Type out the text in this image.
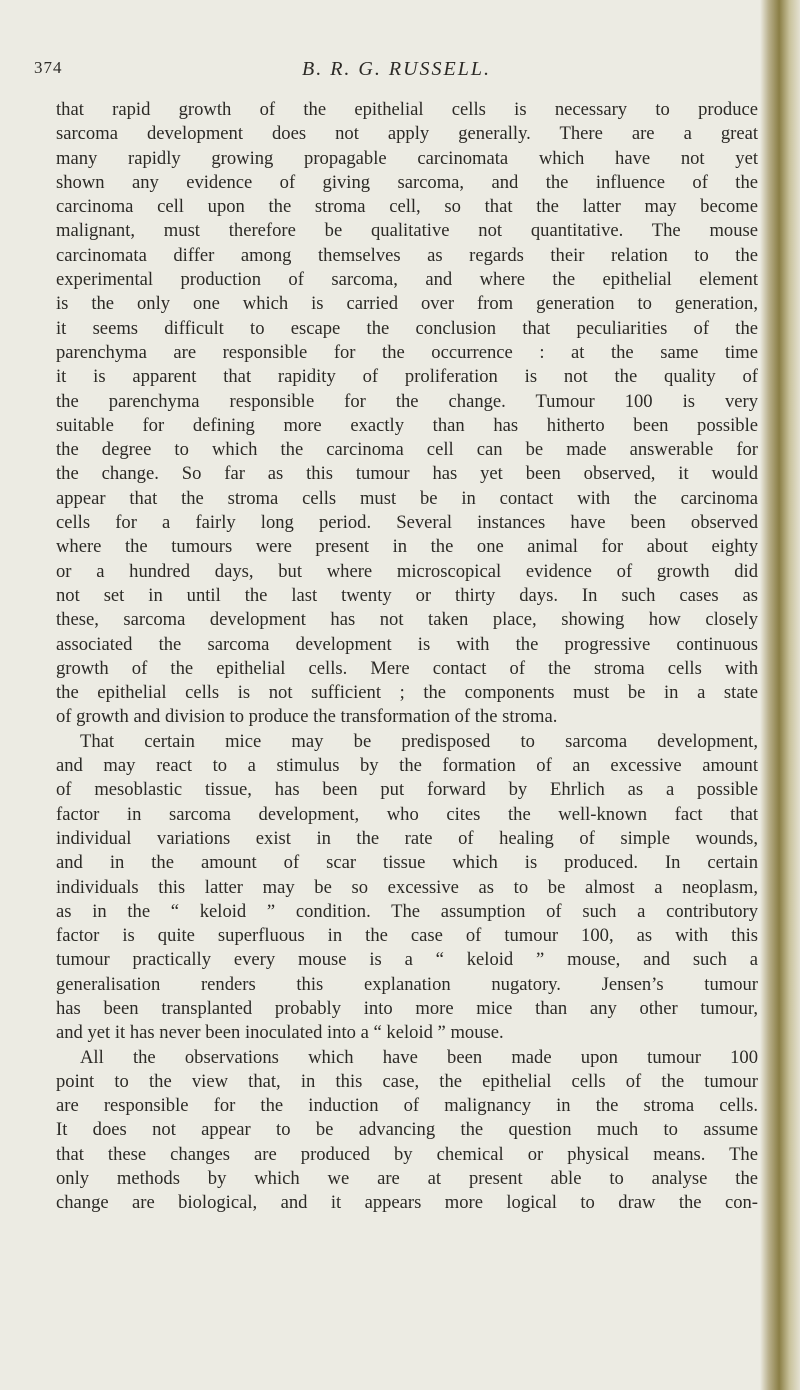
374	B. R. G. RUSSELL.

that rapid growth of the epithelial cells is necessary to produce

sarcoma development does not apply generally. There are a great

many rapidly growing propagable carcinomata which have not yet

shown any evidence of giving sarcoma, and the influence of the

carcinoma cell upon the stroma cell, so that the latter may become

malignant, must therefore be qualitative not quantitative. The mouse

carcinomata differ among themselves as regards their relation to the

experimental production of sarcoma, and where the epithelial element

is the only one which is carried over from generation to generation,

it seems difficult to escape the conclusion that peculiarities of the

parenchyma are responsible for the occurrence : at the same time

it is apparent that rapidity of proliferation is not the quality of

the parenchyma responsible for the change. Tumour 100 is very

suitable for defining more exactly than has hitherto been possible

the degree to which the carcinoma cell can be made answerable for

the change. So far as this tumour has yet been observed, it would

appear that the stroma cells must be in contact with the carcinoma

cells for a fairly long period. Several instances have been observed

where the tumours were present in the one animal for about eighty

or a hundred days, but where microscopical evidence of growth did

not set in until the last twenty or thirty days. In such cases as

these, sarcoma development has not taken place, showing how closely

associated the sarcoma development is with the progressive continuous

growth of the epithelial cells. Mere contact of the stroma cells with

the epithelial cells is not sufficient ; the components must be in a state

of growth and division to produce the transformation of the stroma.

That certain mice may be predisposed to sarcoma development,

and may react to a stimulus by the formation of an excessive amount

of mesoblastic tissue, has been put forward by Ehrlich as a possible

factor in sarcoma development, who cites the well-known fact that

individual variations exist in the rate of healing of simple wounds,

and in the amount of scar tissue which is produced. In certain

individuals this latter may be so excessive as to be almost a neoplasm,

as in the “ keloid ” condition. The assumption of such a contributory

factor is quite superfluous in the case of tumour 100, as with this

tumour practically every mouse is a “ keloid ” mouse, and such a

generalisation renders this explanation nugatory. Jensen’s tumour

has been transplanted probably into more mice than any other tumour,

and yet it has never been inoculated into a “ keloid ” mouse.

All the observations which have been made upon tumour 100

point to the view that, in this case, the epithelial cells of the tumour

are responsible for the induction of malignancy in the stroma cells.

It does not appear to be advancing the question much to assume

that these changes are produced by chemical or physical means. The

only methods by which we are at present able to analyse the

change are biological, and it appears more logical to draw the con-
